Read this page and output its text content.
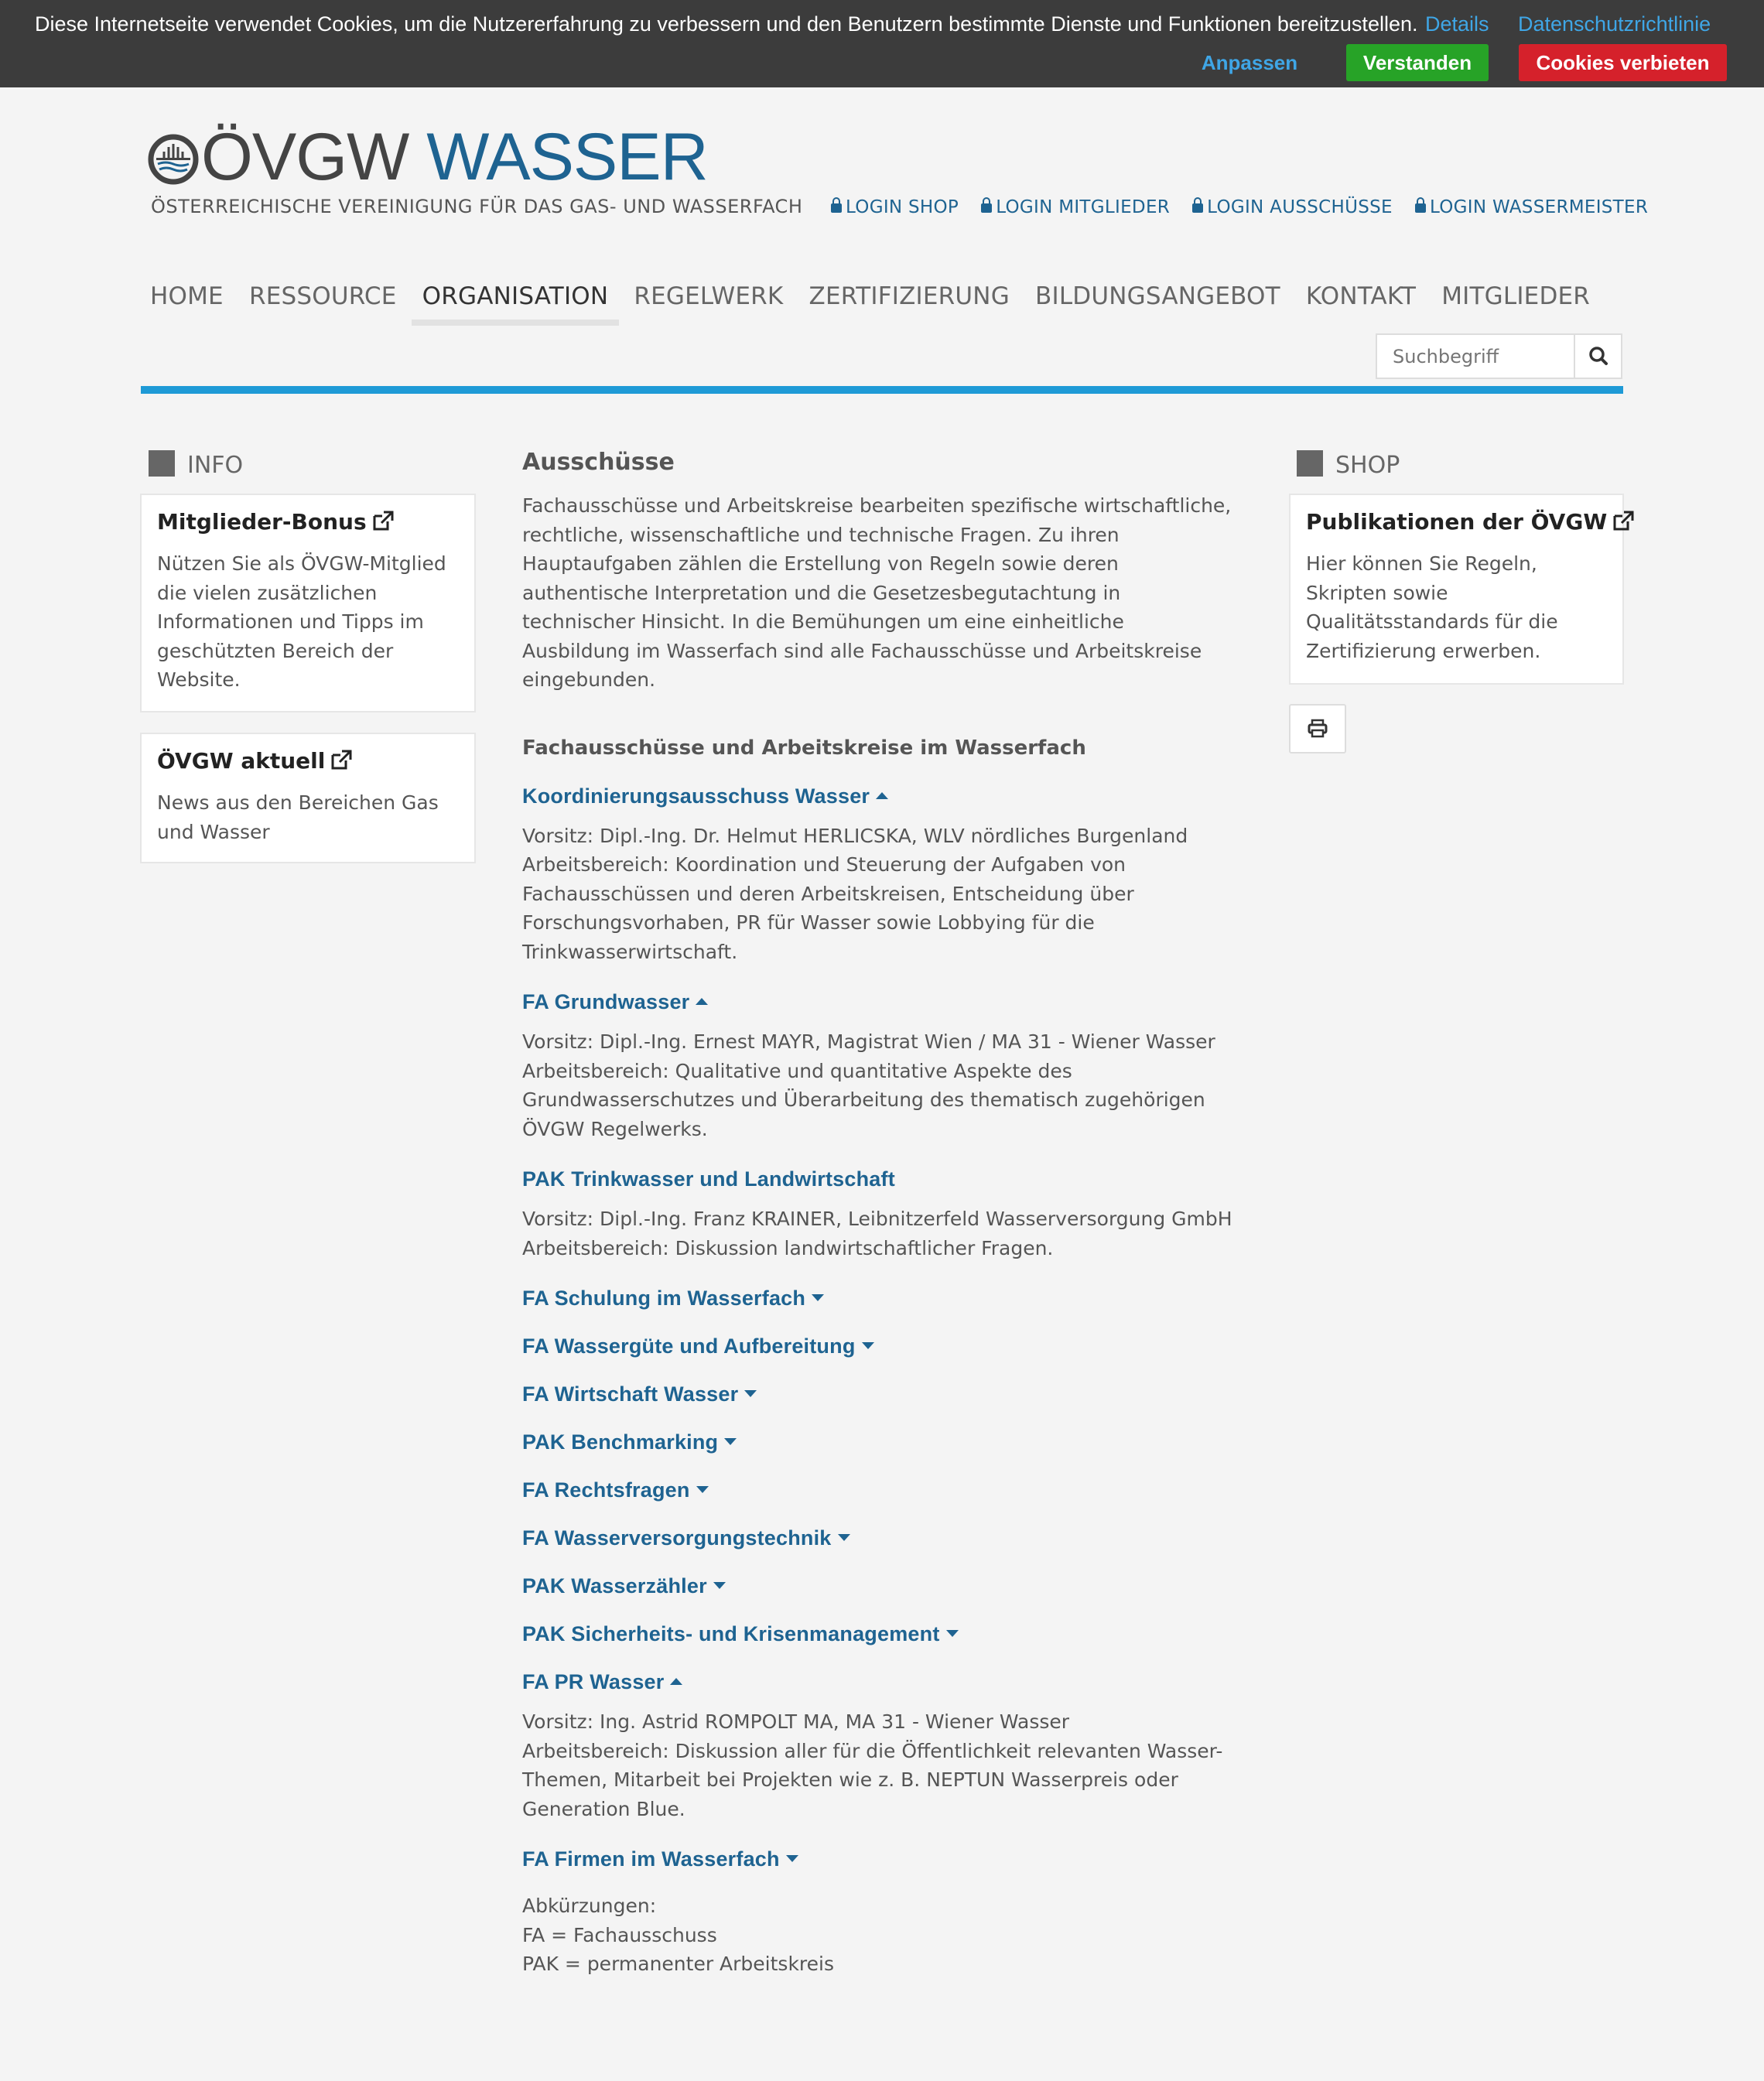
Diese Internetseite verwendet Cookies, um die Nutzererfahrung zu verbessern und den Benutzern bestimmte Dienste und Funktionen bereitzustellen. Details Datenschutzrichtlinie
Anpassen	Verstanden	Cookies verbieten
ÖVGW WASSER
ÖSTERREICHISCHE VEREINIGUNG FÜR DAS GAS- UND WASSERFACH	LOGIN SHOP LOGIN MITGLIEDER LOGIN AUSSCHÜSSE LOGIN WASSERMEISTER
HOME RESSOURCE ORGANISATION REGELWERK ZERTIFIZIERUNG BILDUNGSANGEBOT KONTAKT MITGLIEDER
Suchbegriff
INFO
Mitglieder-Bonus
Nützen Sie als ÖVGW-Mitglied die vielen zusätzlichen Informationen und Tipps im geschützten Bereich der Website.
ÖVGW aktuell
News aus den Bereichen Gas und Wasser
SHOP
Publikationen der ÖVGW
Hier können Sie Regeln, Skripten sowie Qualitätsstandards für die Zertifizierung erwerben.
Ausschüsse
Fachausschüsse und Arbeitskreise bearbeiten spezifische wirtschaftliche, rechtliche, wissenschaftliche und technische Fragen. Zu ihren Hauptaufgaben zählen die Erstellung von Regeln sowie deren authentische Interpretation und die Gesetzesbegutachtung in technischer Hinsicht. In die Bemühungen um eine einheitliche Ausbildung im Wasserfach sind alle Fachausschüsse und Arbeitskreise eingebunden.
Fachausschüsse und Arbeitskreise im Wasserfach
Koordinierungsausschuss Wasser
Vorsitz: Dipl.-Ing. Dr. Helmut HERLICSKA, WLV nördliches Burgenland
Arbeitsbereich: Koordination und Steuerung der Aufgaben von Fachausschüssen und deren Arbeitskreisen, Entscheidung über Forschungsvorhaben, PR für Wasser sowie Lobbying für die Trinkwasserwirtschaft.
FA Grundwasser
Vorsitz: Dipl.-Ing. Ernest MAYR, Magistrat Wien / MA 31 - Wiener Wasser
Arbeitsbereich: Qualitative und quantitative Aspekte des Grundwasserschutzes und Überarbeitung des thematisch zugehörigen ÖVGW Regelwerks.
PAK Trinkwasser und Landwirtschaft
Vorsitz: Dipl.-Ing. Franz KRAINER, Leibnitzerfeld Wasserversorgung GmbH
Arbeitsbereich: Diskussion landwirtschaftlicher Fragen.
FA Schulung im Wasserfach
FA Wassergüte und Aufbereitung
FA Wirtschaft Wasser
PAK Benchmarking
FA Rechtsfragen
FA Wasserversorgungstechnik
PAK Wasserzähler
PAK Sicherheits- und Krisenmanagement
FA PR Wasser
Vorsitz: Ing. Astrid ROMPOLT MA, MA 31 - Wiener Wasser
Arbeitsbereich: Diskussion aller für die Öffentlichkeit relevanten Wasser-Themen, Mitarbeit bei Projekten wie z. B. NEPTUN Wasserpreis oder Generation Blue.
FA Firmen im Wasserfach
Abkürzungen:
FA = Fachausschuss
PAK = permanenter Arbeitskreis
